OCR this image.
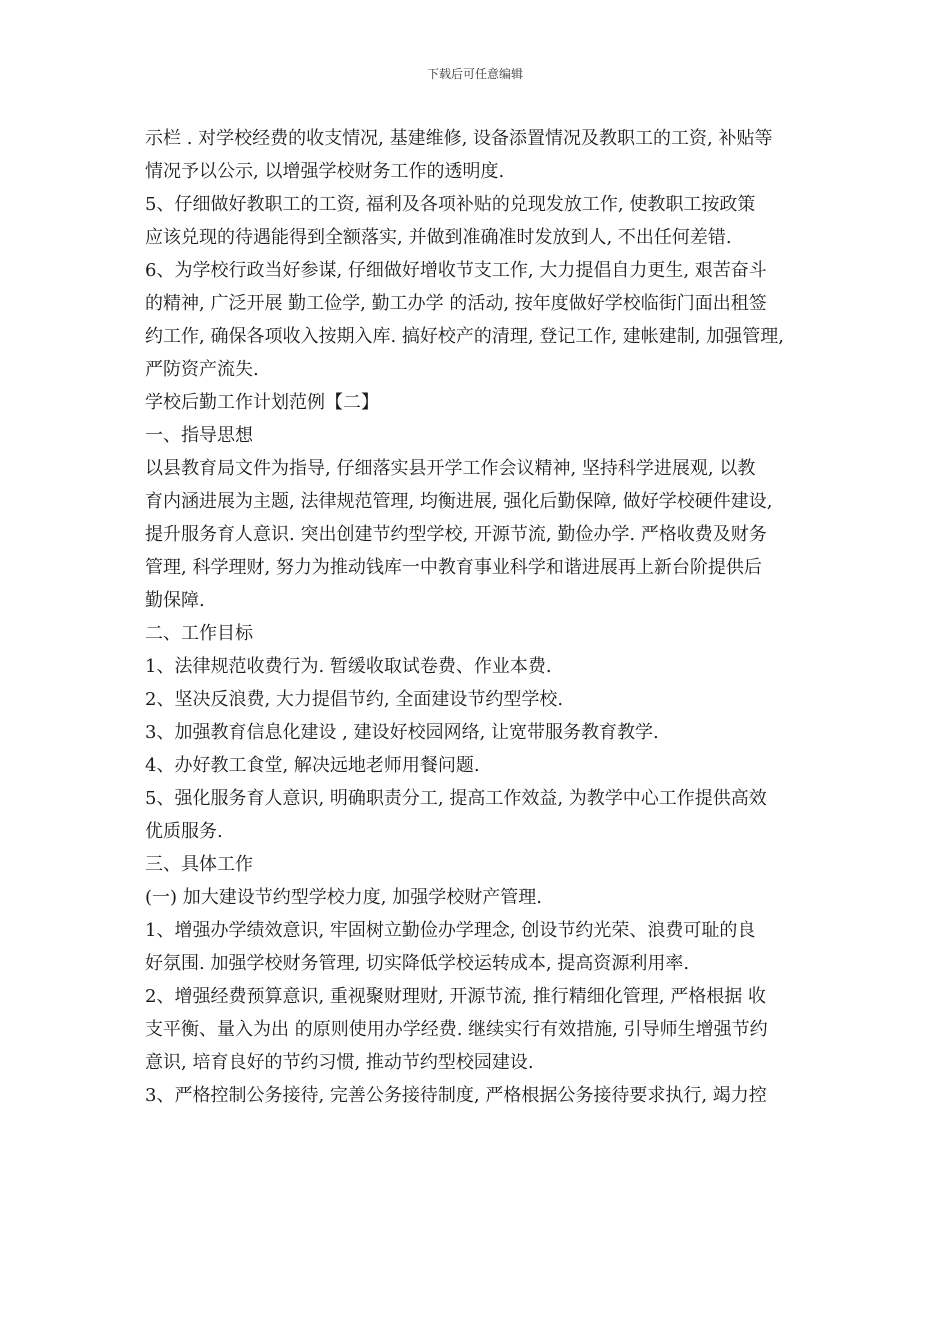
下载后可任意编辑
示栏 . 对学校经费的收支情况, 基建维修, 设备添置情况及教职工的工资, 补贴等
情况予以公示, 以增强学校财务工作的透明度.
5、仔细做好教职工的工资, 福利及各项补贴的兑现发放工作, 使教职工按政策
应该兑现的待遇能得到全额落实, 并做到准确准时发放到人, 不出任何差错.
6、为学校行政当好参谋, 仔细做好增收节支工作, 大力提倡自力更生, 艰苦奋斗
的精神, 广泛开展 勤工俭学, 勤工办学 的活动, 按年度做好学校临街门面出租签
约工作, 确保各项收入按期入库. 搞好校产的清理, 登记工作, 建帐建制, 加强管理,
严防资产流失.
学校后勤工作计划范例【二】
一、指导思想
以县教育局文件为指导, 仔细落实县开学工作会议精神, 坚持科学进展观, 以教
育内涵进展为主题, 法律规范管理, 均衡进展, 强化后勤保障, 做好学校硬件建设,
提升服务育人意识. 突出创建节约型学校, 开源节流, 勤俭办学. 严格收费及财务
管理, 科学理财, 努力为推动钱库一中教育事业科学和谐进展再上新台阶提供后
勤保障.
二、工作目标
1、法律规范收费行为. 暂缓收取试卷费、作业本费.
2、坚决反浪费, 大力提倡节约, 全面建设节约型学校.
3、加强教育信息化建设 , 建设好校园网络, 让宽带服务教育教学.
4、办好教工食堂, 解决远地老师用餐问题.
5、强化服务育人意识, 明确职责分工, 提高工作效益, 为教学中心工作提供高效
优质服务.
三、具体工作
(一) 加大建设节约型学校力度, 加强学校财产管理.
1、增强办学绩效意识, 牢固树立勤俭办学理念, 创设节约光荣、浪费可耻的良
好氛围. 加强学校财务管理, 切实降低学校运转成本, 提高资源利用率.
2、增强经费预算意识, 重视聚财理财, 开源节流, 推行精细化管理, 严格根据 收
支平衡、量入为出 的原则使用办学经费. 继续实行有效措施, 引导师生增强节约
意识, 培育良好的节约习惯, 推动节约型校园建设.
3、严格控制公务接待, 完善公务接待制度, 严格根据公务接待要求执行, 竭力控
